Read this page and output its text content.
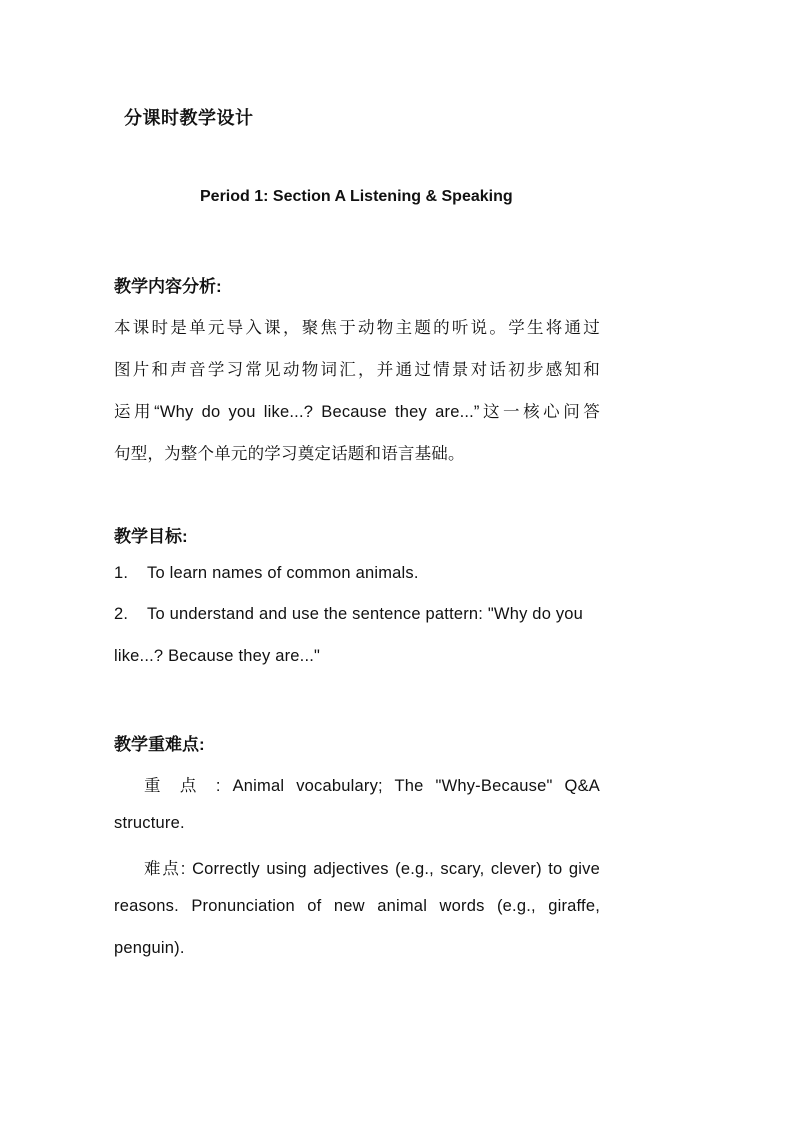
分课时教学设计
Period 1: Section A Listening & Speaking
教学内容分析:
本课时是单元导入课，聚焦于动物主题的听说。学生将通过
图片和声音学习常见动物词汇，并通过情景对话初步感知和
运用“Why do you like...? Because they are...”这一核心问答
句型，为整个单元的学习奠定话题和语言基础。
教学目标:
1. To learn names of common animals.
2. To understand and use the sentence pattern: "Why do you
like...? Because they are..."
教学重难点:
重 点 : Animal vocabulary; The "Why-Because" Q&A
structure.
难点: Correctly using adjectives (e.g., scary, clever) to give
reasons. Pronunciation of new animal words (e.g., giraffe,
penguin).
